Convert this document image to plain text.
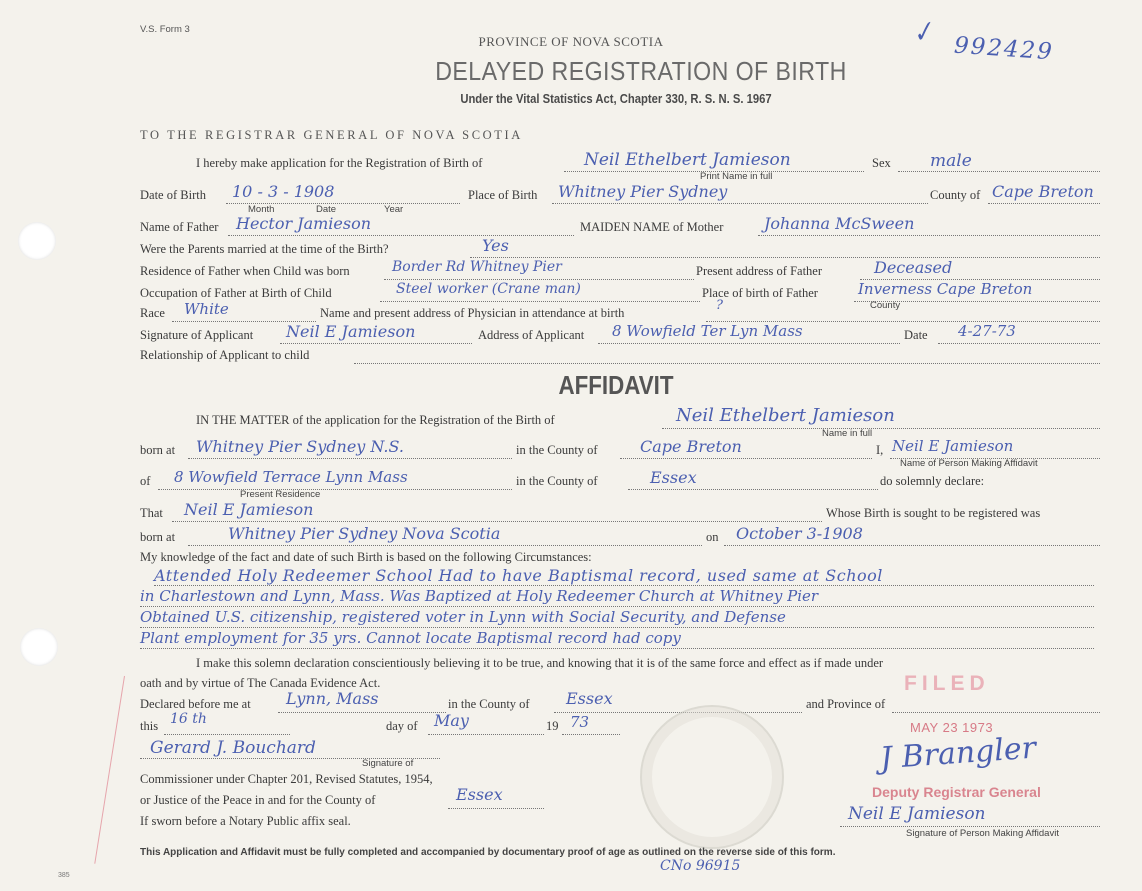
V.S. Form 3
PROVINCE OF NOVA SCOTIA
DELAYED REGISTRATION OF BIRTH
Under the Vital Statistics Act, Chapter 330, R. S. N. S. 1967
✓ 992429
TO THE REGISTRAR GENERAL OF NOVA SCOTIA
I hereby make application for the Registration of Birth of	Neil Ethelbert Jamieson
Print Name in full
Sex male
Date of Birth 10 - 3 - 1908
Month	Date	Year
Place of Birth Whitney Pier Sydney	County of Cape Breton
Name of Father Hector Jamieson	MAIDEN NAME of Mother	Johanna McSween
Were the Parents married at the time of the Birth?	Yes
Residence of Father when Child was born	Border Rd Whitney Pier	Present address of Father	Deceased
Occupation of Father at Birth of Child	Steel worker (Crane man)	Place of birth of Father	Inverness Cape Breton
County
Race White	Name and present address of Physician in attendance at birth	?
Signature of Applicant Neil E Jamieson	Address of Applicant 8 Wowfield Ter Lyn Mass	Date 4-27-73
Relationship of Applicant to child
AFFIDAVIT
IN THE MATTER of the application for the Registration of the Birth of	Neil Ethelbert Jamieson
Name in full
born at Whitney Pier Sydney N.S.	in the County of	Cape Breton	I, Neil E Jamieson
Name of Person Making Affidavit
of 8 Wowfield Terrace Lynn Mass
Present Residence
in the County of	Essex	do solemnly declare:
That Neil E Jamieson	Whose Birth is sought to be registered was
born at	Whitney Pier Sydney Nova Scotia	on October 3-1908
My knowledge of the fact and date of such Birth is based on the following Circumstances:
Attended Holy Redeemer School Had to have Baptismal record, used same at School
in Charlestown and Lynn, Mass. Was Baptized at Holy Redeemer Church at Whitney Pier
Obtained U.S. citizenship, registered voter in Lynn with Social Security, and Defense
Plant employment for 35 yrs. Cannot locate Baptismal record had copy
I make this solemn declaration conscientiously believing it to be true, and knowing that it is of the same force and effect as if made under
oath and by virtue of The Canada Evidence Act.
Declared before me at Lynn, Mass	in the County of Essex	and Province of
this 16 th	day of May	19 73
Gerard J. Bouchard
Signature of
Commissioner under Chapter 201, Revised Statutes, 1954,
or Justice of the Peace in and for the County of	Essex
If sworn before a Notary Public affix seal.
FILED
MAY 23 1973
J Brangler
Deputy Registrar General
Neil E Jamieson
Signature of Person Making Affidavit
This Application and Affidavit must be fully completed and accompanied by documentary proof of age as outlined on the reverse side of this form.
CNo 96915
385
